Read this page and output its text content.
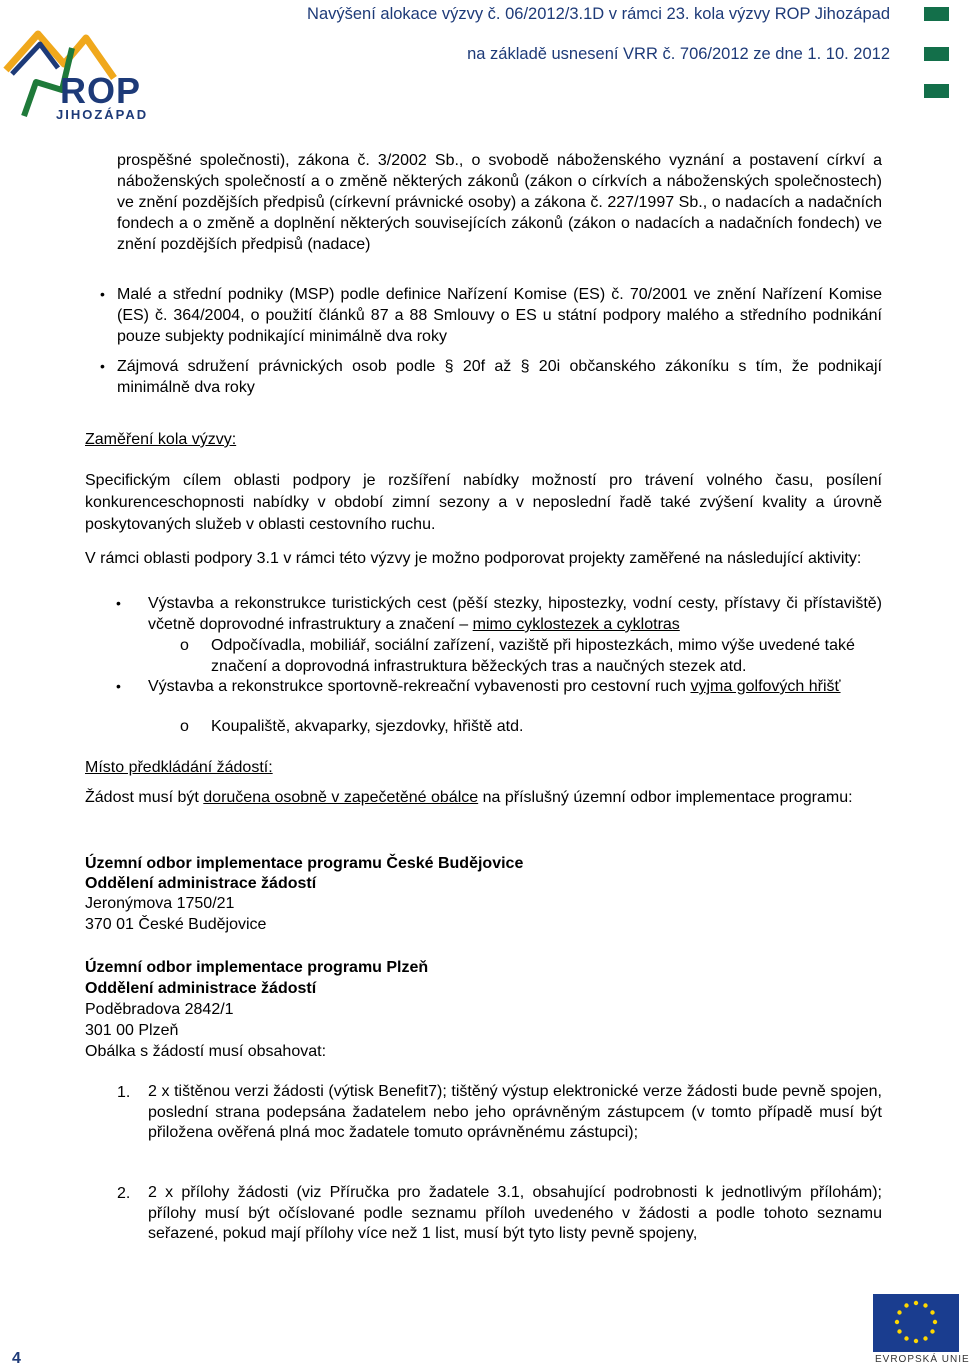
ROP
JIHOZÁPAD
Navýšení alokace výzvy č. 06/2012/3.1D v rámci 23. kola výzvy ROP Jihozápad
na základě usnesení VRR č. 706/2012 ze dne 1. 10. 2012
prospěšné společnosti), zákona č. 3/2002 Sb., o svobodě náboženského vyznání a postavení církví a náboženských společností a o změně některých zákonů (zákon o církvích a náboženských společnostech) ve znění pozdějších předpisů (církevní právnické osoby) a zákona č. 227/1997 Sb., o nadacích a nadačních fondech a o změně a doplnění některých souvisejících zákonů (zákon o nadacích a nadačních fondech) ve znění pozdějších předpisů (nadace)
• Malé a střední podniky (MSP) podle definice Nařízení Komise (ES) č. 70/2001 ve znění Nařízení Komise (ES) č. 364/2004, o použití článků 87 a 88 Smlouvy o ES u státní podpory malého a středního podnikání pouze subjekty podnikající minimálně dva roky
• Zájmová sdružení právnických osob podle § 20f až § 20i občanského zákoníku s tím, že podnikají minimálně dva roky
Zaměření kola výzvy:
Specifickým cílem oblasti podpory je rozšíření nabídky možností pro trávení volného času, posílení konkurenceschopnosti nabídky v období zimní sezony a v neposlední řadě také zvýšení kvality a úrovně poskytovaných služeb v oblasti cestovního ruchu.
V rámci oblasti podpory 3.1 v rámci této výzvy je možno podporovat projekty zaměřené na následující aktivity:
• Výstavba a rekonstrukce turistických cest (pěší stezky, hipostezky, vodní cesty, přístavy či přístaviště) včetně doprovodné infrastruktury a značení – mimo cyklostezek a cyklotras
o Odpočívadla, mobiliář, sociální zařízení, vaziště při hipostezkách, mimo výše uvedené také značení a doprovodná infrastruktura běžeckých tras a naučných stezek atd.
• Výstavba a rekonstrukce sportovně-rekreační vybavenosti pro cestovní ruch vyjma golfových hřišť
o Koupaliště, akvaparky, sjezdovky, hřiště atd.
Místo předkládání žádostí:
Žádost musí být doručena osobně v zapečetěné obálce na příslušný územní odbor implementace programu:
Územní odbor implementace programu České Budějovice
Oddělení administrace žádostí
Jeronýmova 1750/21
370 01 České Budějovice
Územní odbor implementace programu Plzeň
Oddělení administrace žádostí
Poděbradova 2842/1
301 00 Plzeň
Obálka s žádostí musí obsahovat:
1. 2 x tištěnou verzi žádosti (výtisk Benefit7); tištěný výstup elektronické verze žádosti bude pevně spojen, poslední strana podepsána žadatelem nebo jeho oprávněným zástupcem (v tomto případě musí být přiložena ověřená plná moc žadatele tomuto oprávněnému zástupci);
2. 2 x přílohy žádosti (viz Příručka pro žadatele 3.1, obsahující podrobnosti k jednotlivým přílohám); přílohy musí být očíslované podle seznamu příloh uvedeného v žádosti a podle tohoto seznamu seřazené, pokud mají přílohy více než 1 list, musí být tyto listy pevně spojeny,
4	EVROPSKÁ UNIE
